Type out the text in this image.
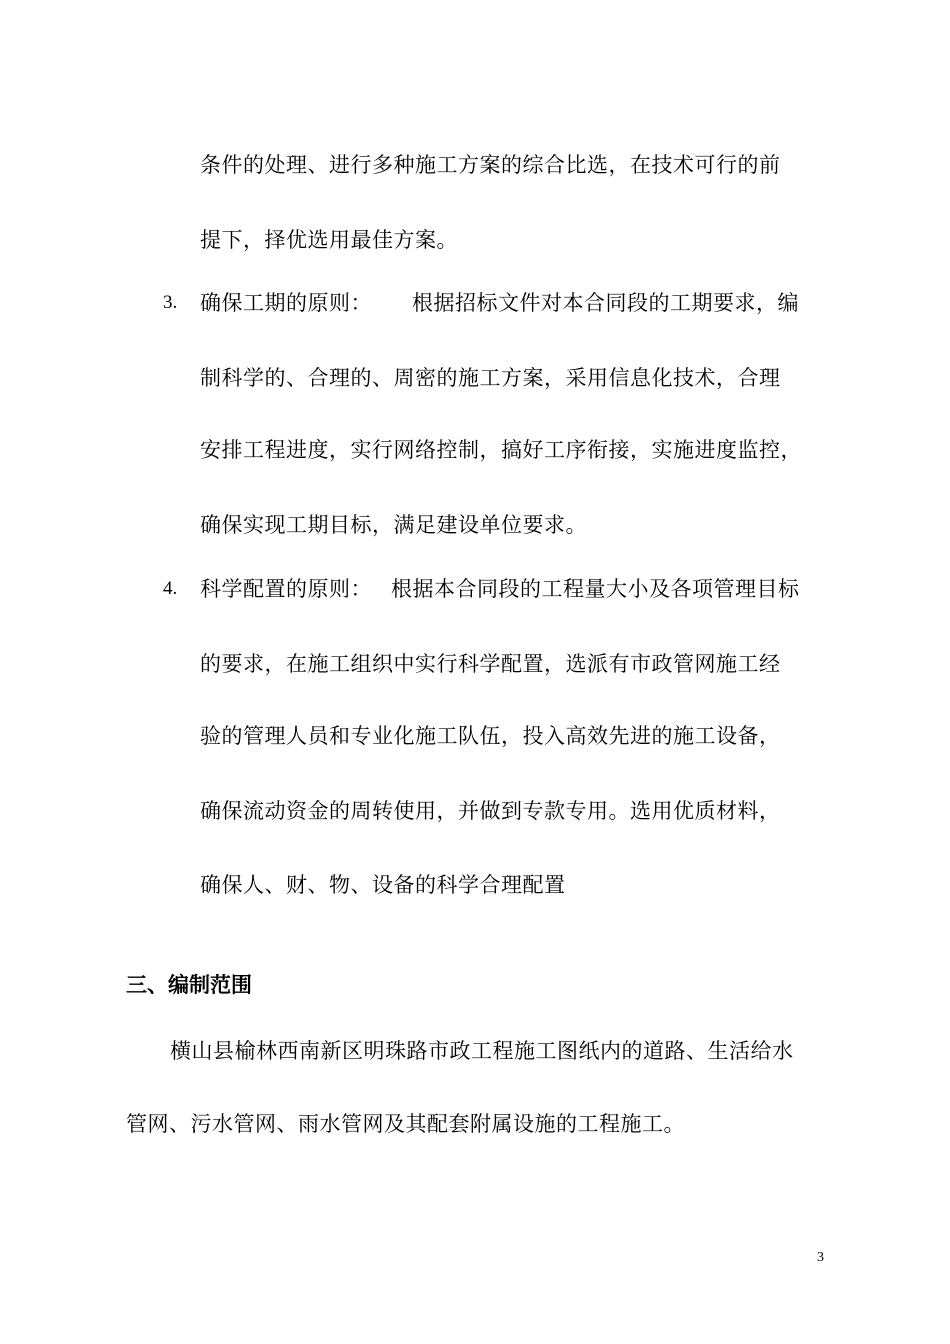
条件的处理、进行多种施工方案的综合比选，在技术可行的前
提下，择优选用最佳方案。
3. 确保工期的原则： 根据招标文件对本合同段的工期要求，编
制科学的、合理的、周密的施工方案，采用信息化技术，合理
安排工程进度，实行网络控制，搞好工序衔接，实施进度监控，
确保实现工期目标，满足建设单位要求。
4. 科学配置的原则： 根据本合同段的工程量大小及各项管理目标
的要求，在施工组织中实行科学配置，选派有市政管网施工经
验的管理人员和专业化施工队伍，投入高效先进的施工设备，
确保流动资金的周转使用，并做到专款专用。选用优质材料，
确保人、财、物、设备的科学合理配置
三、编制范围
横山县榆林西南新区明珠路市政工程施工图纸内的道路、生活给水
管网、污水管网、雨水管网及其配套附属设施的工程施工。
3
